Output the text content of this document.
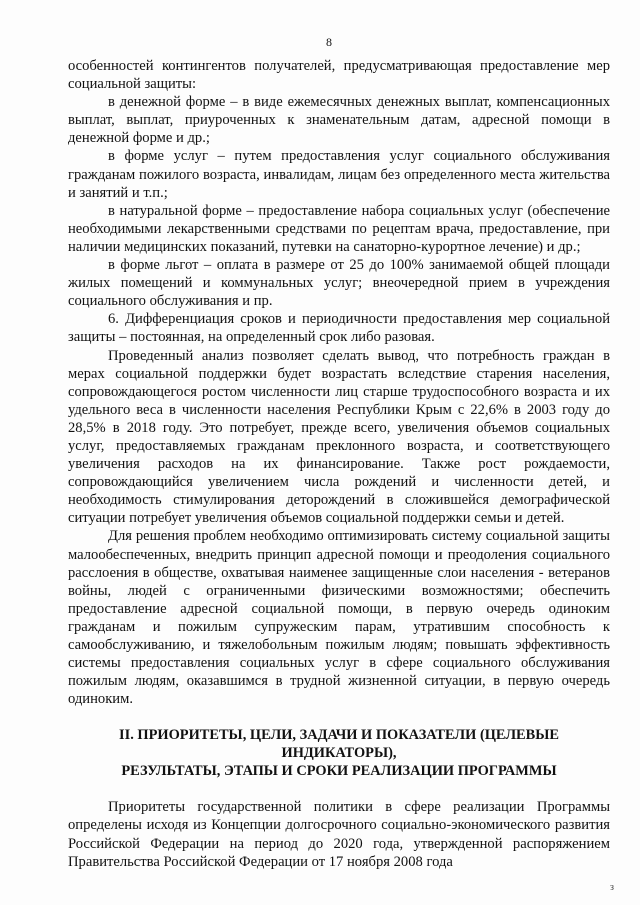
8

особенностей контингентов получателей, предусматривающая предоставление мер социальной защиты:

в денежной форме – в виде ежемесячных денежных выплат, компенсационных выплат, выплат, приуроченных к знаменательным датам, адресной помощи в денежной форме и др.;

в форме услуг – путем предоставления услуг социального обслуживания гражданам пожилого возраста, инвалидам, лицам без определенного места жительства и занятий и т.п.;

в натуральной форме – предоставление набора социальных услуг (обеспечение необходимыми лекарственными средствами по рецептам врача, предоставление, при наличии медицинских показаний, путевки на санаторно-курортное лечение) и др.;

в форме льгот – оплата в размере от 25 до 100% занимаемой общей площади жилых помещений и коммунальных услуг; внеочередной прием в учреждения социального обслуживания и пр.

6. Дифференциация сроков и периодичности предоставления мер социальной защиты – постоянная, на определенный срок либо разовая.

Проведенный анализ позволяет сделать вывод, что потребность граждан в мерах социальной поддержки будет возрастать вследствие старения населения, сопровождающегося ростом численности лиц старше трудоспособного возраста и их удельного веса в численности населения Республики Крым с 22,6% в 2003 году до 28,5% в 2018 году. Это потребует, прежде всего, увеличения объемов социальных услуг, предоставляемых гражданам преклонного возраста, и соответствующего увеличения расходов на их финансирование. Также рост рождаемости, сопровождающийся увеличением числа рождений и численности детей, и необходимость стимулирования деторождений в сложившейся демографической ситуации потребует увеличения объемов социальной поддержки семьи и детей.

Для решения проблем необходимо оптимизировать систему социальной защиты малообеспеченных, внедрить принцип адресной помощи и преодоления социального расслоения в обществе, охватывая наименее защищенные слои населения - ветеранов войны, людей с ограниченными физическими возможностями; обеспечить предоставление адресной социальной помощи, в первую очередь одиноким гражданам и пожилым супружеским парам, утратившим способность к самообслуживанию, и тяжелобольным пожилым людям; повышать эффективность системы предоставления социальных услуг в сфере социального обслуживания пожилым людям, оказавшимся в трудной жизненной ситуации, в первую очередь одиноким.

II. ПРИОРИТЕТЫ, ЦЕЛИ, ЗАДАЧИ И ПОКАЗАТЕЛИ (ЦЕЛЕВЫЕ ИНДИКАТОРЫ),
РЕЗУЛЬТАТЫ, ЭТАПЫ И СРОКИ РЕАЛИЗАЦИИ ПРОГРАММЫ

Приоритеты государственной политики в сфере реализации Программы определены исходя из Концепции долгосрочного социально-экономического развития Российской Федерации на период до 2020 года, утвержденной распоряжением Правительства Российской Федерации от 17 ноября 2008 года

з
